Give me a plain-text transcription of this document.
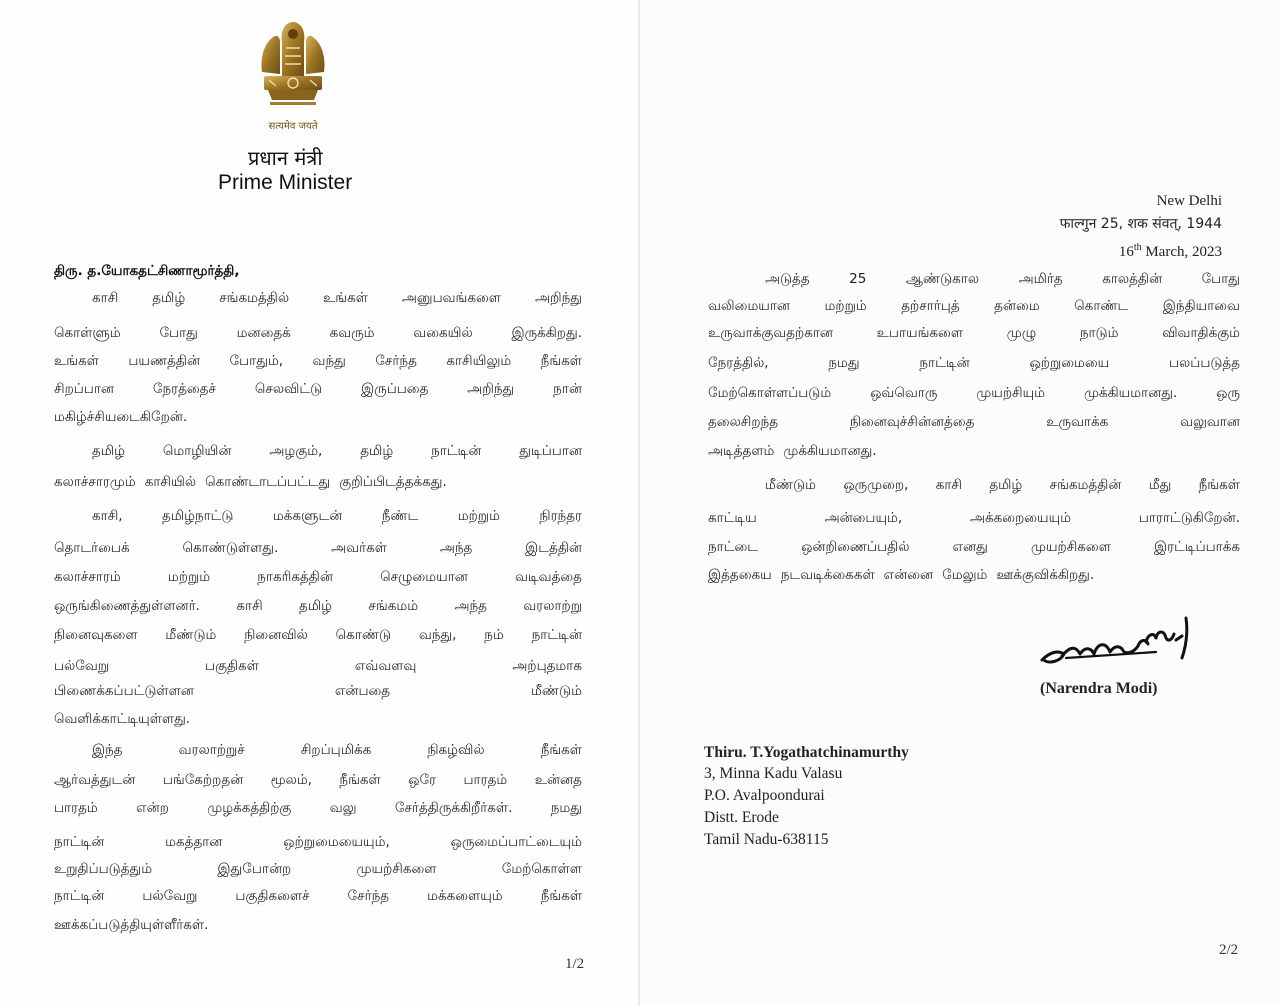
सत्यमेव जयते
प्रधान मंत्री
Prime Minister
New Delhi
फाल्गुन 25, शक संवत्, 1944
16th March, 2023
திரு. த.யோகதட்சிணாமூர்த்தி,
காசி	தமிழ்	சங்கமத்தில்	உங்கள்	அனுபவங்களை	அறிந்து
கொள்ளும்	போது	மனதைக்	கவரும்	வகையில்	இருக்கிறது.
உங்கள் பயணத்தின் போதும், வந்து சேர்ந்த காசியிலும் நீங்கள்
சிறப்பான	நேரத்தைச்	செலவிட்டு	இருப்பதை	அறிந்து	நான்
மகிழ்ச்சியடைகிறேன்.
தமிழ்	மொழியின்	அழகும்,	தமிழ்	நாட்டின்	துடிப்பான
கலாச்சாரமும் காசியில் கொண்டாடப்பட்டது குறிப்பிடத்தக்கது.
காசி,	தமிழ்நாட்டு	மக்களுடன்	நீண்ட	மற்றும்	நிரந்தர
தொடர்பைக்	கொண்டுள்ளது.	அவர்கள்	அந்த	இடத்தின்
கலாச்சாரம்	மற்றும்	நாகரிகத்தின்	செழுமையான	வடிவத்தை
ஒருங்கிணைத்துள்ளனர்.	காசி	தமிழ்	சங்கமம்	அந்த	வரலாற்று
நினைவுகளை மீண்டும் நினைவில் கொண்டு வந்து, நம் நாட்டின்
பல்வேறு	பகுதிகள்	எவ்வளவு	அற்புதமாக
பிணைக்கப்பட்டுள்ளன	என்பதை	மீண்டும்
வெளிக்காட்டியுள்ளது.
இந்த	வரலாற்றுச்	சிறப்புமிக்க	நிகழ்வில்	நீங்கள்
ஆர்வத்துடன் பங்கேற்றதன் மூலம், நீங்கள் ஒரே பாரதம் உன்னத
பாரதம்	என்ற	முழக்கத்திற்கு	வலு	சேர்த்திருக்கிறீர்கள்.	நமது
நாட்டின்	மகத்தான	ஒற்றுமையையும்,	ஒருமைப்பாட்டையும்
உறுதிப்படுத்தும்	இதுபோன்ற	முயற்சிகளை	மேற்கொள்ள
நாட்டின்	பல்வேறு	பகுதிகளைச்	சேர்ந்த	மக்களையும்	நீங்கள்
ஊக்கப்படுத்தியுள்ளீர்கள்.
அடுத்த	25	ஆண்டுகால	அமிர்த	காலத்தின்	போது
வலிமையான	மற்றும்	தற்சார்புத்	தன்மை	கொண்ட	இந்தியாவை
உருவாக்குவதற்கான	உபாயங்களை	முழு	நாடும்	விவாதிக்கும்
நேரத்தில்,	நமது	நாட்டின்	ஒற்றுமையை	பலப்படுத்த
மேற்கொள்ளப்படும்	ஒவ்வொரு	முயற்சியும்	முக்கியமானது.	ஒரு
தலைசிறந்த	நினைவுச்சின்னத்தை	உருவாக்க	வலுவான
அடித்தளம் முக்கியமானது.
மீண்டும் ஒருமுறை, காசி தமிழ் சங்கமத்தின் மீது நீங்கள்
காட்டிய	அன்பையும்,	அக்கறையையும்	பாராட்டுகிறேன்.
நாட்டை	ஒன்றிணைப்பதில்	எனது	முயற்சிகளை	இரட்டிப்பாக்க
இத்தகைய நடவடிக்கைகள் என்னை மேலும் ஊக்குவிக்கிறது.
1/2
(Narendra Modi)
Thiru. T.Yogathatchinamurthy
3, Minna Kadu Valasu
P.O. Avalpoondurai
Distt. Erode
Tamil Nadu-638115
2/2
